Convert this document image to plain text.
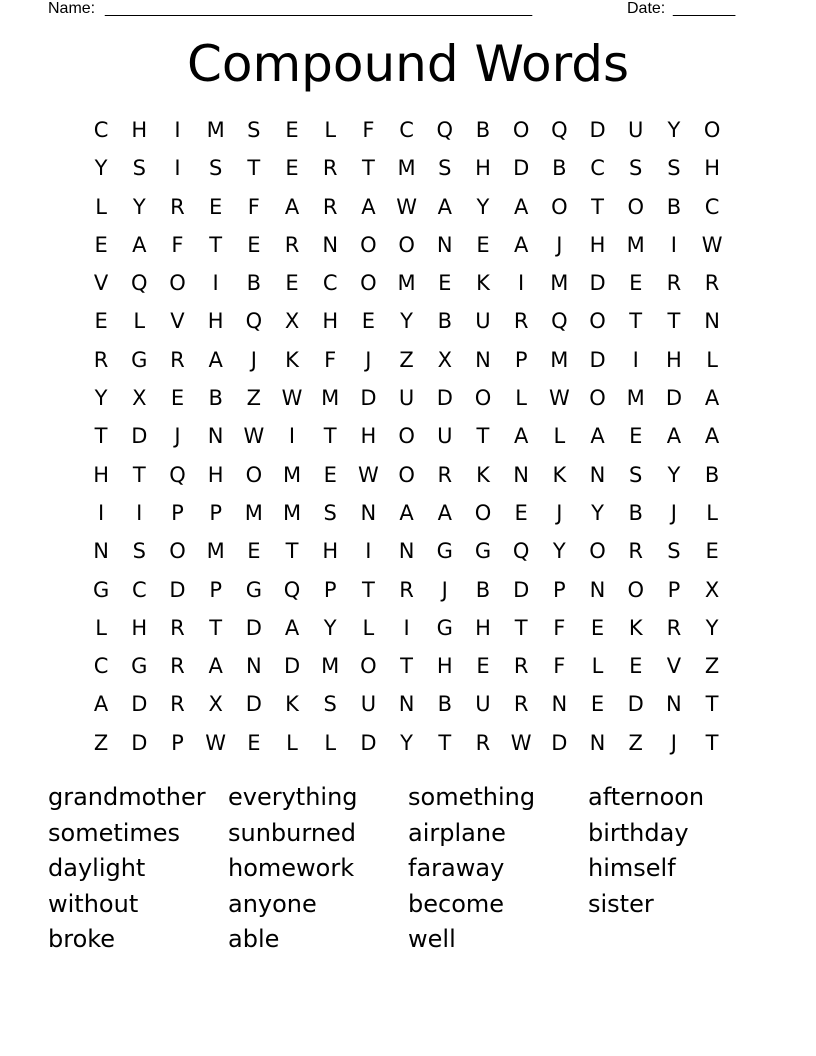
Name: ________________________________________________	Date: _______
Compound Words
C	H	I	M	S	E	L	F	C	Q	B	O	Q	D	U	Y	O
Y	S	I	S	T	E	R	T	M	S	H	D	B	C	S	S	H
L	Y	R	E	F	A	R	A W A	Y	A	O	T	O	B	C
E	A	F	T	E	R	N	O	O	N	E	A	J	H	M	I	W
V	Q	O	I	B	E	C	O M	E	K	I	M	D	E	R	R
E	L	V	H	Q	X	H	E	Y	B	U	R	Q	O	T	T	N
R	G	R	A	J	K	F	J	Z	X	N	P	M	D	I	H	L
Y	X	E	B	Z W M	D	U	D	O	L	W O M	D	A
T	D	J	N W	I	T	H	O	U	T	A	L	A	E	A	A
H	T	Q	H	O M	E	W O	R	K	N	K	N	S	Y	B
I	I	P	P	M M	S	N	A	A	O	E	J	Y	B	J	L
N	S	O M	E	T	H	I	N	G	G	Q	Y	O	R	S	E
G	C	D	P	G	Q	P	T	R	J	B	D	P	N	O	P	X
L	H	R	T	D	A	Y	L	I	G	H	T	F	E	K	R	Y
C	G	R	A	N	D	M O	T	H	E	R	F	L	E	V	Z
A	D	R	X	D	K	S	U	N	B	U	R	N	E	D	N	T
Z	D	P	W	E	L	L	D	Y	T	R W D	N	Z	J	T
grandmother everything	something	afternoon
sometimes	sunburned	airplane	birthday
daylight	homework	faraway	himself
without	anyone	become	sister
broke	able	well
